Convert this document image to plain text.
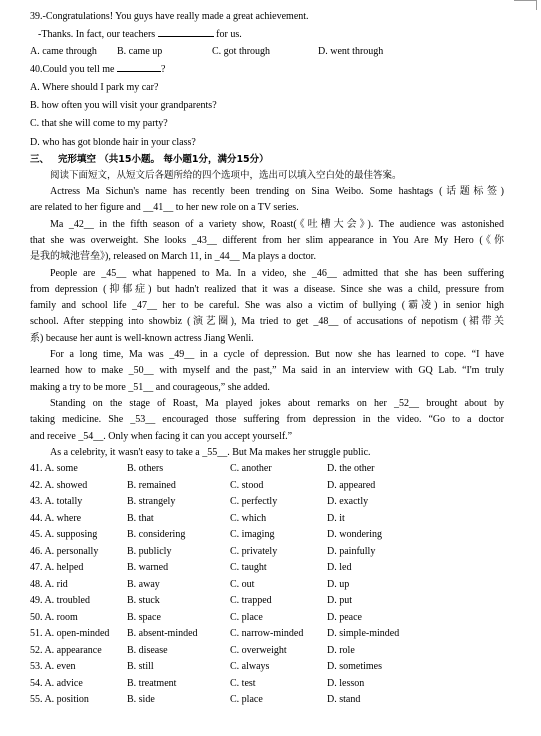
39.-Congratulations! You guys have really made a great achievement.
-Thanks. In fact, our teachers	for us.
A. came through B. came up	C. got through	D. went through
40.Could you tell me	?
A. Where should I park my car?
B. how often you will visit your grandparents?
C. that she will come to my party?
D. who has got blonde hair in your class?
三、 完形填空 （共15小题。 每小题1分，满分15分）
阅读下面短文，从短文后各题所给的四个选项中，选出可以填入空白处的最佳答案。
Actress Ma Sichun's name has recently been trending on Sina Weibo. Some hashtags (话题标签)
are related to her figure and __41__ to her new role on a TV series.
Ma _42__ in the fifth season of a variety show, Roast(《吐槽大会》). The audience was astonished
that she was overweight. She looks _43__ different from her slim appearance in You Are My Hero (《你
是我的城池营垒》), released on March 11, in _44__ Ma plays a doctor.
People are _45__ what happened to Ma. In a video, she _46__ admitted that she has been suffering
from depression (抑郁症) but hadn't realized that it was a disease. Since she was a child, pressure from
family and school life _47__ her to be careful. She was also a victim of bullying (霸凌) in senior high
school. After stepping into showbiz (演艺圈), Ma tried to get _48__ of accusations of nepotism (裙带关
系) because her aunt is well-known actress Jiang Wenli.
For a long time, Ma was _49__ in a cycle of depression. But now she has learned to cope. “I have
learned how to make _50__ with myself and the past,” Ma said in an interview with GQ Lab. “I'm truly
making a try to be more _51__ and courageous,” she added.
Standing on the stage of Roast, Ma played jokes about remarks on her _52__ brought about by
taking medicine. She _53__ encouraged those suffering from depression in the video. “Go to a doctor
and receive _54__. Only when facing it can you accept yourself.”
As a celebrity, it wasn't easy to take a _55__. But Ma makes her struggle public.
41. A. some	B. others	C. another	D. the other
42. A. showed	B. remained	C. stood	D. appeared
43. A. totally	B. strangely	C. perfectly	D. exactly
44. A. where	B. that	C. which	D. it
45. A. supposing	B. considering	C. imaging	D. wondering
46. A. personally	B. publicly	C. privately	D. painfully
47. A. helped	B. warned	C. taught	D. led
48. A. rid	B. away	C. out	D. up
49. A. troubled	B. stuck	C. trapped	D. put
50. A. room	B. space	C. place	D. peace
51. A. open-minded B. absent-minded	C. narrow-minded D. simple-minded
52. A. appearance	B. disease	C. overweight	D. role
53. A. even	B. still	C. always	D. sometimes
54. A. advice	B. treatment	C. test	D. lesson
55. A. position	B. side	C. place	D. stand
